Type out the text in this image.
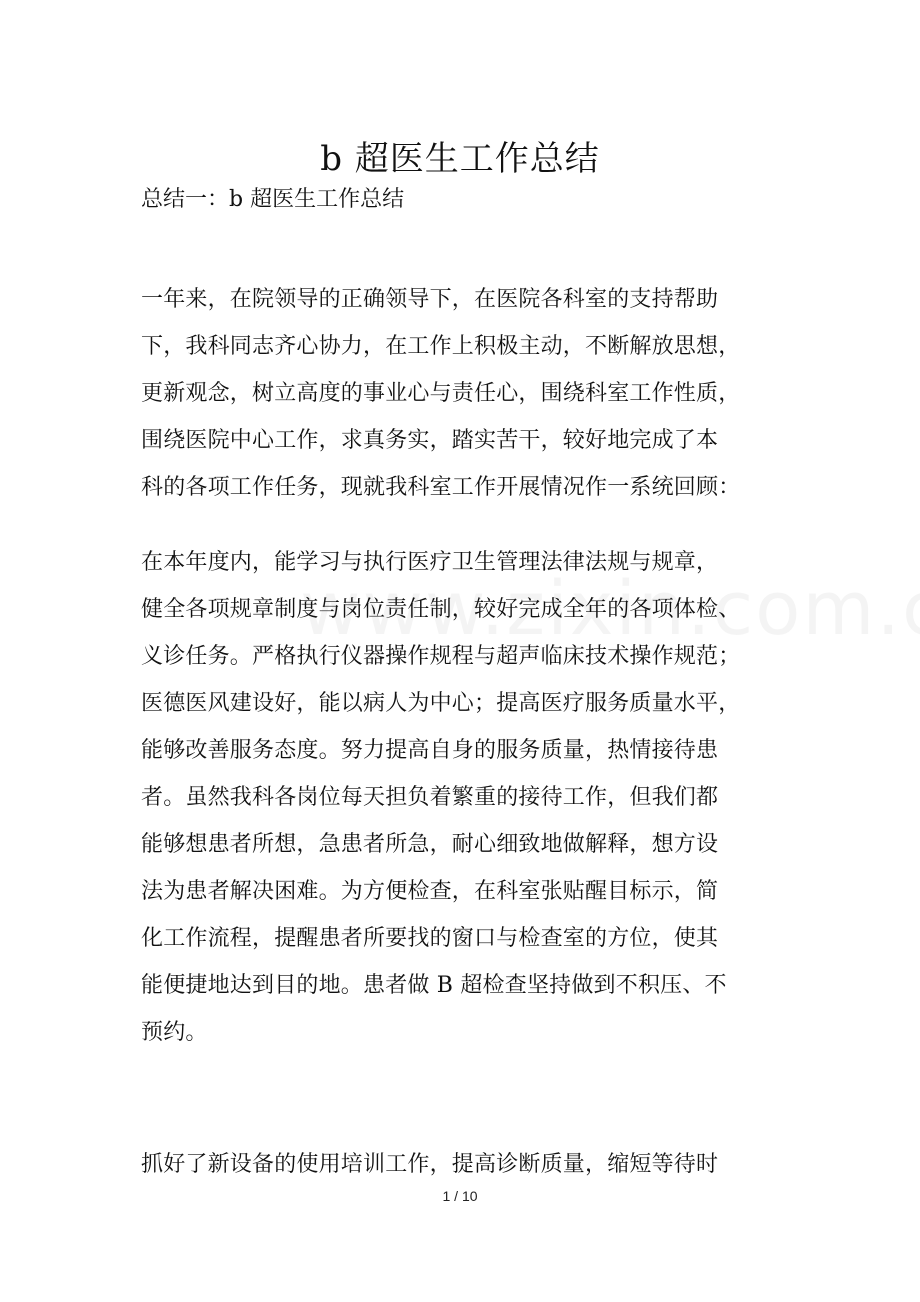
b 超医生工作总结
总结一：b 超医生工作总结
一年来，在院领导的正确领导下，在医院各科室的支持帮助
下，我科同志齐心协力，在工作上积极主动，不断解放思想，
更新观念，树立高度的事业心与责任心，围绕科室工作性质，
围绕医院中心工作，求真务实，踏实苦干，较好地完成了本
科的各项工作任务，现就我科室工作开展情况作一系统回顾：
在本年度内，能学习与执行医疗卫生管理法律法规与规章，
健全各项规章制度与岗位责任制，较好完成全年的各项体检、
义诊任务。严格执行仪器操作规程与超声临床技术操作规范；
医德医风建设好，能以病人为中心；提高医疗服务质量水平，
能够改善服务态度。努力提高自身的服务质量，热情接待患
者。虽然我科各岗位每天担负着繁重的接待工作，但我们都
能够想患者所想，急患者所急，耐心细致地做解释，想方设
法为患者解决困难。为方便检查，在科室张贴醒目标示，简
化工作流程，提醒患者所要找的窗口与检查室的方位，使其
能便捷地达到目的地。患者做 B 超检查坚持做到不积压、不
预约。
抓好了新设备的使用培训工作，提高诊断质量，缩短等待时
1 / 10
